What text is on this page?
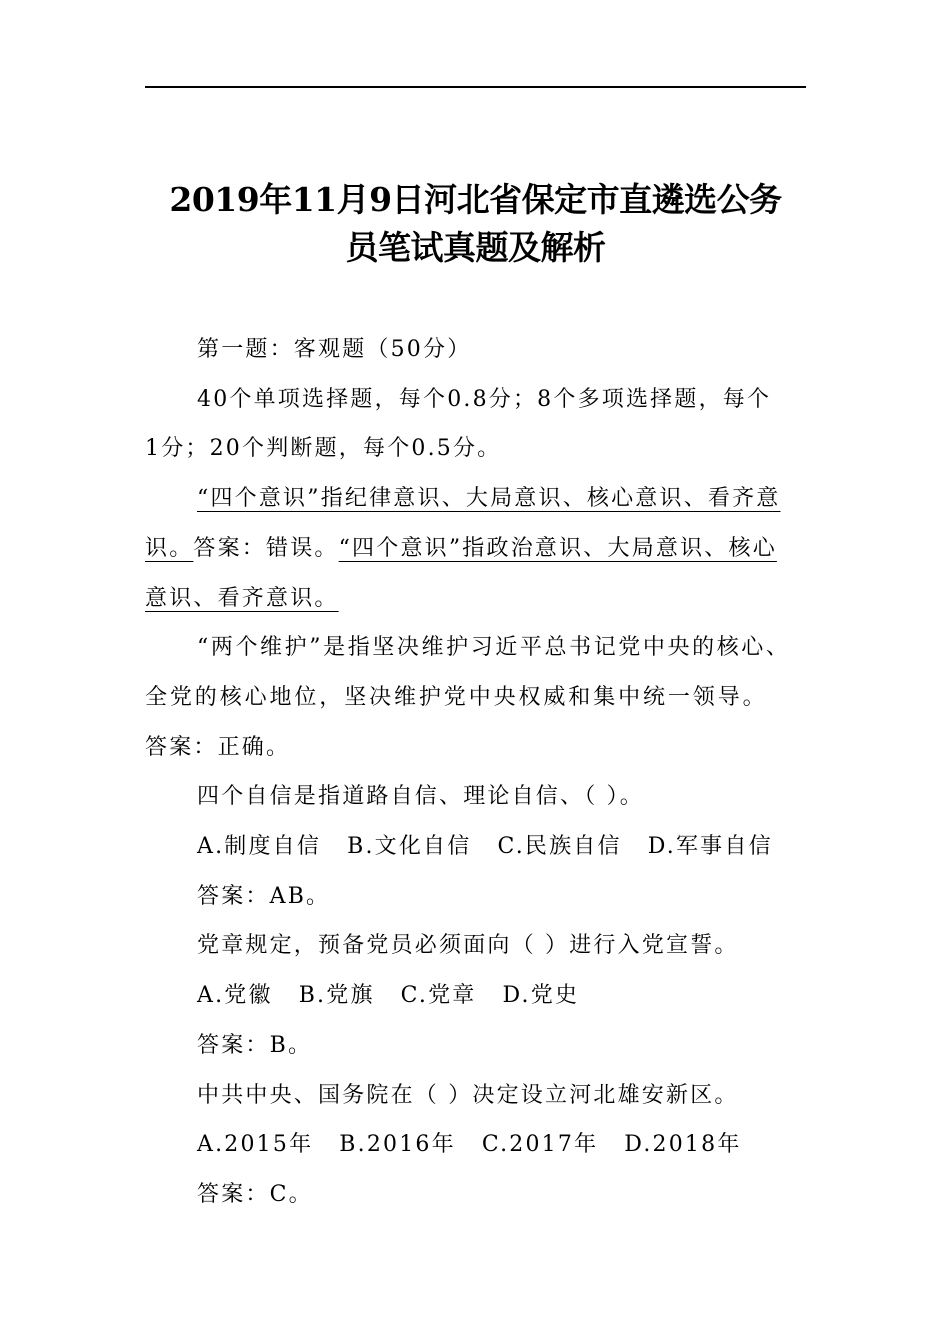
2019年11月9日河北省保定市直遴选公务
员笔试真题及解析

第一题：客观题（50分）

40个单项选择题，每个0.8分；8个多项选择题，每个

1分；20个判断题，每个0.5分。

“四个意识”指纪律意识、大局意识、核心意识、看齐意

识。答案：错误。“四个意识”指政治意识、大局意识、核心

意识、看齐意识。

“两个维护”是指坚决维护习近平总书记党中央的核心、

全党的核心地位，坚决维护党中央权威和集中统一领导。

答案：正确。

四个自信是指道路自信、理论自信、（ ）。

A.制度自信 B.文化自信 C.民族自信 D.军事自信

答案：AB。

党章规定，预备党员必须面向（ ）进行入党宣誓。

A.党徽 B.党旗 C.党章 D.党史

答案：B。

中共中央、国务院在（ ）决定设立河北雄安新区。

A.2015年 B.2016年 C.2017年 D.2018年

答案：C。
